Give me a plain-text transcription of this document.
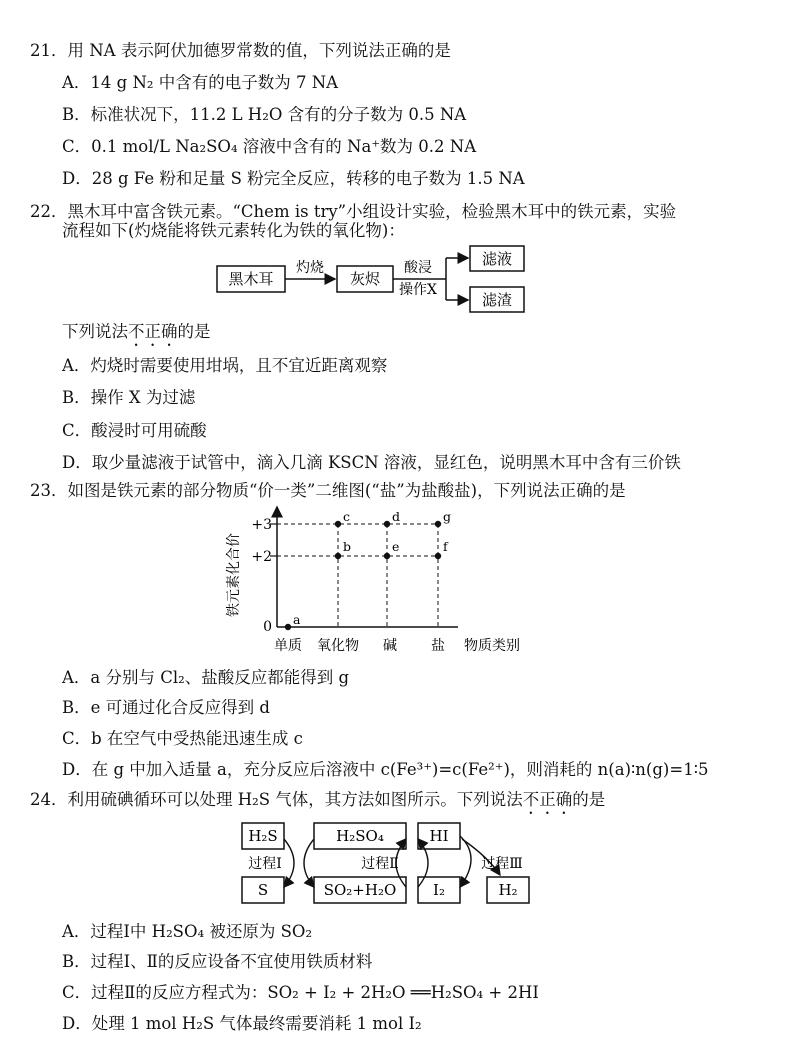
21．用 NA 表示阿伏加德罗常数的值，下列说法正确的是
A．14 g N₂ 中含有的电子数为 7 NA
B．标准状况下，11.2 L H₂O 含有的分子数为 0.5 NA
C．0.1 mol/L Na₂SO₄ 溶液中含有的 Na⁺数为 0.2 NA
D．28 g Fe 粉和足量 S 粉完全反应，转移的电子数为 1.5 NA
22．黑木耳中富含铁元素。“Chem is try”小组设计实验，检验黑木耳中的铁元素，实验
流程如下(灼烧能将铁元素转化为铁的氧化物)：
黑木耳
灼烧
灰烬
酸浸
操作X
滤液
滤渣
下列说法不正确的是
A．灼烧时需要使用坩埚，且不宜近距离观察
B．操作 X 为过滤
C．酸浸时可用硫酸
D．取少量滤液于试管中，滴入几滴 KSCN 溶液，显红色，说明黑木耳中含有三价铁
23．如图是铁元素的部分物质“价一类”二维图(“盐”为盐酸盐)，下列说法正确的是
铁元素化合价
+3
+2
0
单质 氧化物 碱 盐 物质类别
a
b
c	d
e	f
g
A．a 分别与 Cl₂、盐酸反应都能得到 g
B．e 可通过化合反应得到 d
C．b 在空气中受热能迅速生成 c
D．在 g 中加入适量 a，充分反应后溶液中 c(Fe³⁺)=c(Fe²⁺)，则消耗的 n(a)∶n(g)=1∶5
24．利用硫碘循环可以处理 H₂S 气体，其方法如图所示。下列说法不正确的是
H₂S
S
H₂SO₄
SO₂+H₂O
HI
I₂	H₂
过程Ⅰ	过程Ⅱ	过程Ⅲ
A．过程Ⅰ中 H₂SO₄ 被还原为 SO₂
B．过程Ⅰ、Ⅱ的反应设备不宜使用铁质材料
C．过程Ⅱ的反应方程式为：SO₂ + I₂ + 2H₂O ══H₂SO₄ + 2HI
D．处理 1 mol H₂S 气体最终需要消耗 1 mol I₂
